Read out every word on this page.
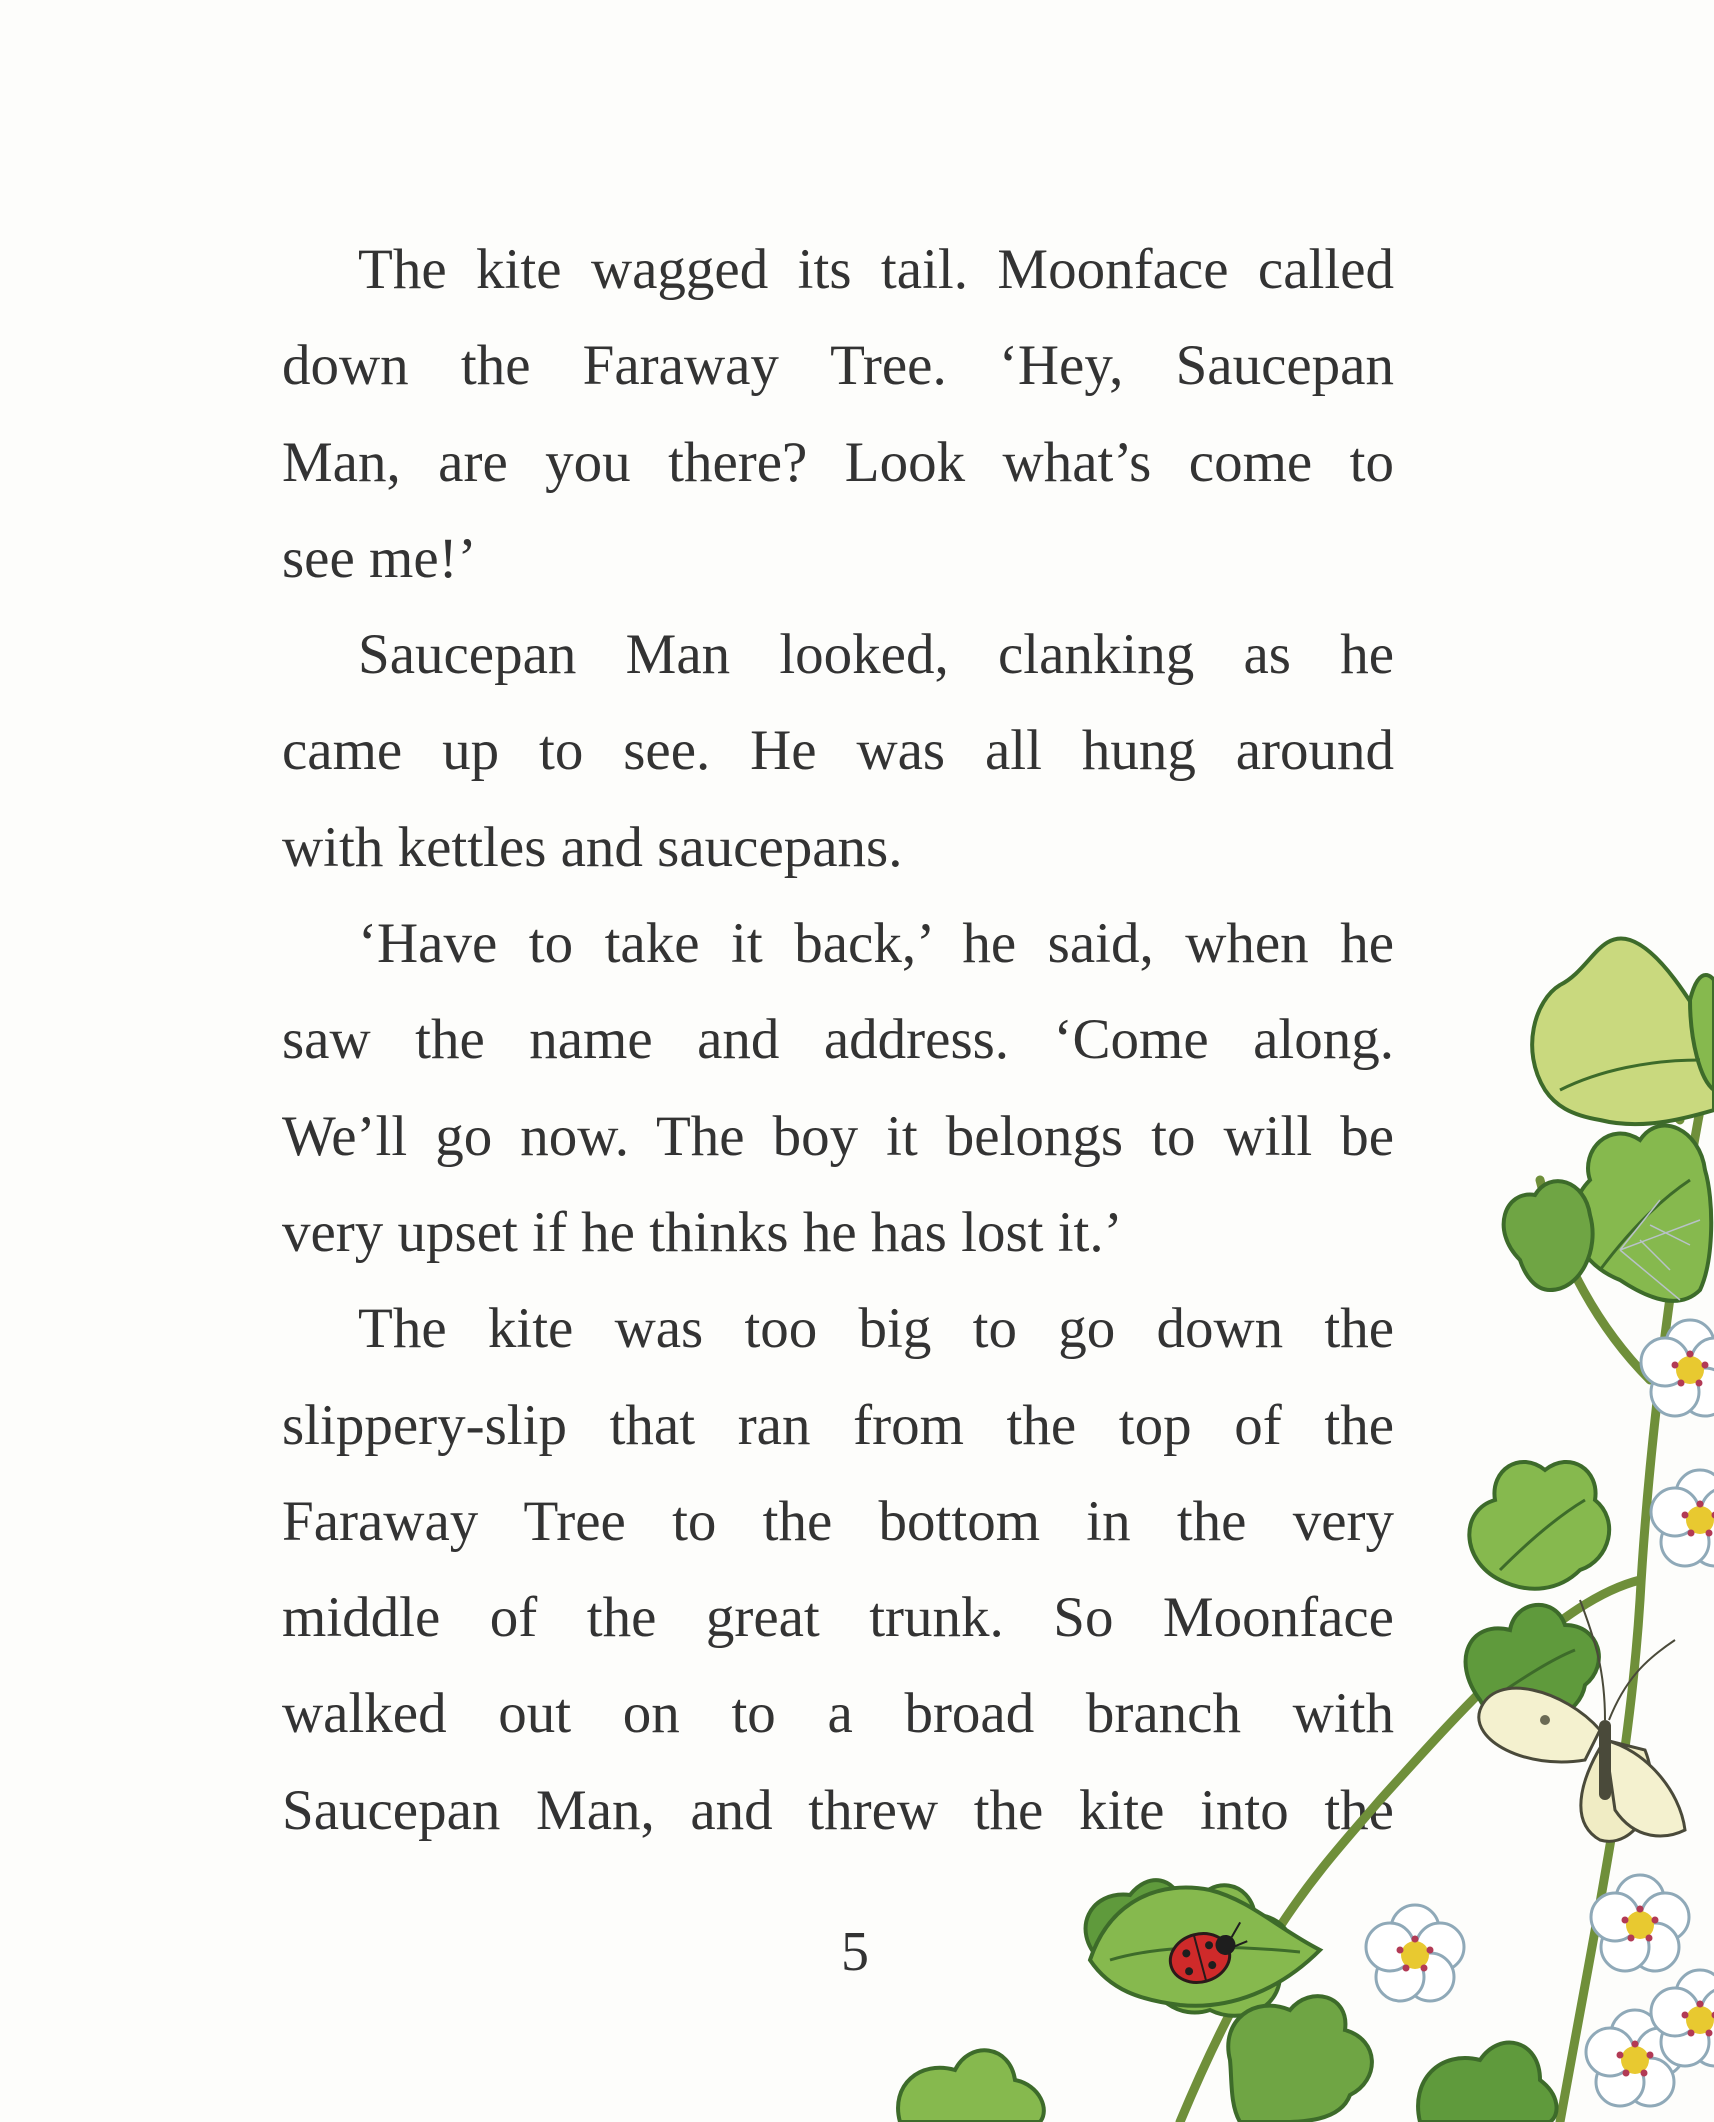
The kite wagged its tail. Moonface called
down the Faraway Tree. ‘Hey, Saucepan
Man, are you there? Look what’s come to
see me!’

Saucepan Man looked, clanking as he
came up to see. He was all hung around
with kettles and saucepans.

‘Have to take it back,’ he said, when he
saw the name and address. ‘Come along.
We’ll go now. The boy it belongs to will be
very upset if he thinks he has lost it.’

The kite was too big to go down the
slippery-slip that ran from the top of the
Faraway Tree to the bottom in the very
middle of the great trunk. So Moonface
walked out on to a broad branch with
Saucepan Man, and threw the kite into the

5
